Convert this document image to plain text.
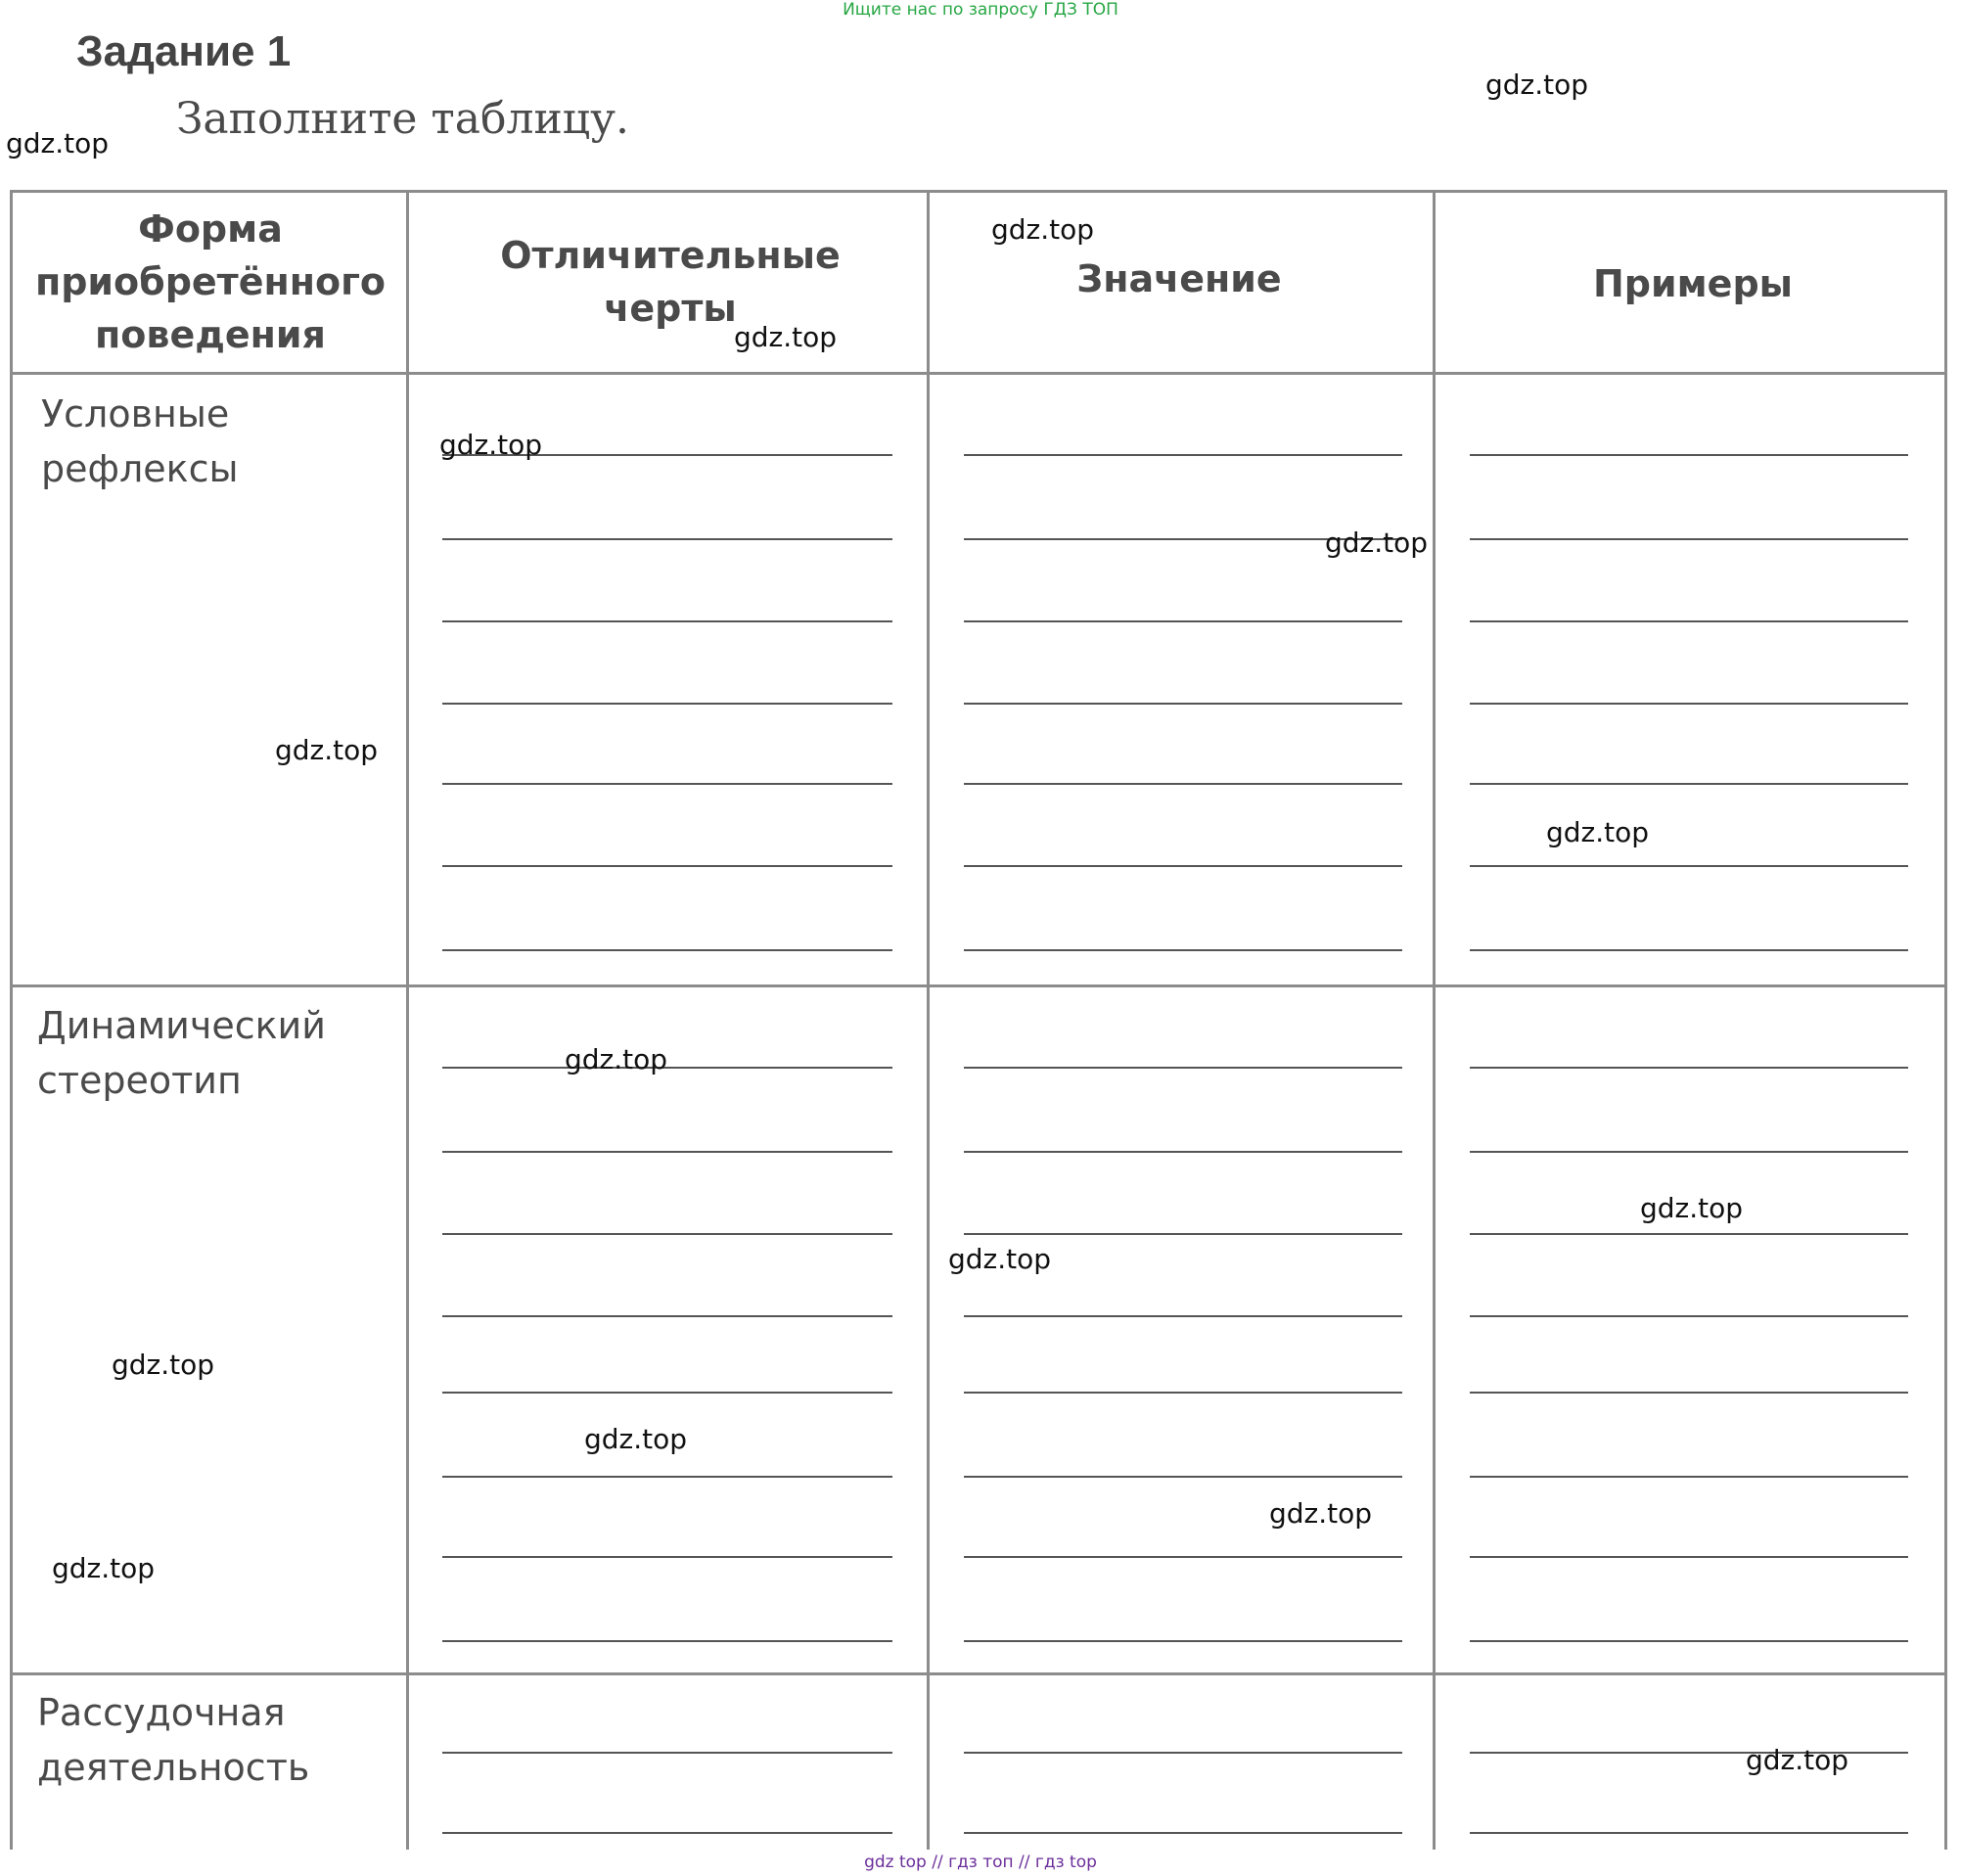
Ищите нас по запросу ГДЗ ТОП
Задание 1
Заполните таблицу.
Форма приобретённого поведения
Отличительные черты
Значение	Примеры
Условные рефлексы
Динамический стереотип
Рассудочная деятельность
gdz.top
gdz.top
gdz.top
gdz.top
gdz.top
gdz.top
gdz.top
gdz.top
gdz.top
gdz.top
gdz.top
gdz.top
gdz.top
gdz.top
gdz.top
gdz.top
gdz top // гдз топ // гдз top
